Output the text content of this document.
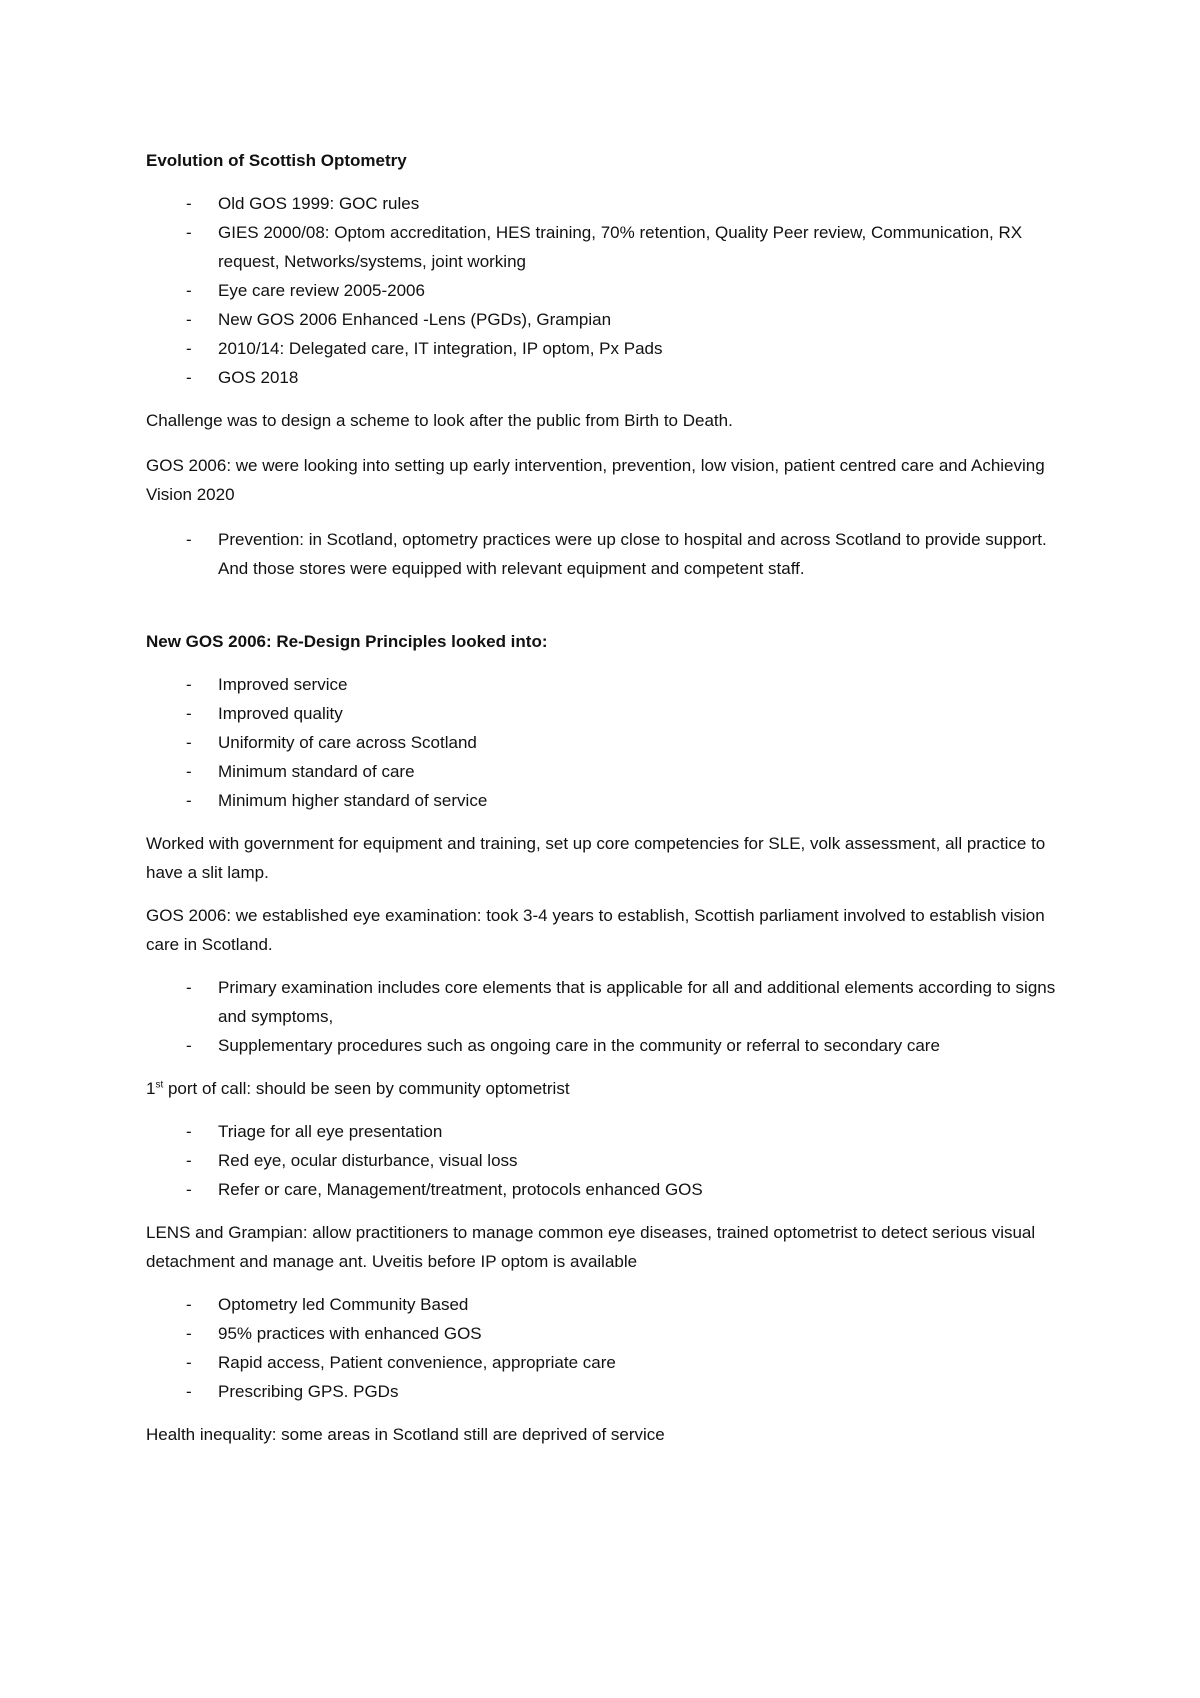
Evolution of Scottish Optometry

- Old GOS 1999: GOC rules
- GIES 2000/08: Optom accreditation, HES training, 70% retention, Quality Peer review, Communication, RX request, Networks/systems, joint working
- Eye care review 2005-2006
- New GOS 2006 Enhanced -Lens (PGDs), Grampian
- 2010/14: Delegated care, IT integration, IP optom, Px Pads
- GOS 2018

Challenge was to design a scheme to look after the public from Birth to Death.

GOS 2006: we were looking into setting up early intervention, prevention, low vision, patient centred care and Achieving Vision 2020

- Prevention: in Scotland, optometry practices were up close to hospital and across Scotland to provide support. And those stores were equipped with relevant equipment and competent staff.

New GOS 2006: Re-Design Principles looked into:

- Improved service
- Improved quality
- Uniformity of care across Scotland
- Minimum standard of care
- Minimum higher standard of service

Worked with government for equipment and training, set up core competencies for SLE, volk assessment, all practice to have a slit lamp.

GOS 2006: we established eye examination: took 3-4 years to establish, Scottish parliament involved to establish vision care in Scotland.

- Primary examination includes core elements that is applicable for all and additional elements according to signs and symptoms,
- Supplementary procedures such as ongoing care in the community or referral to secondary care

1st port of call: should be seen by community optometrist

- Triage for all eye presentation
- Red eye, ocular disturbance, visual loss
- Refer or care, Management/treatment, protocols enhanced GOS

LENS and Grampian: allow practitioners to manage common eye diseases, trained optometrist to detect serious visual detachment and manage ant. Uveitis before IP optom is available

- Optometry led Community Based
- 95% practices with enhanced GOS
- Rapid access, Patient convenience, appropriate care
- Prescribing GPS. PGDs

Health inequality: some areas in Scotland still are deprived of service
